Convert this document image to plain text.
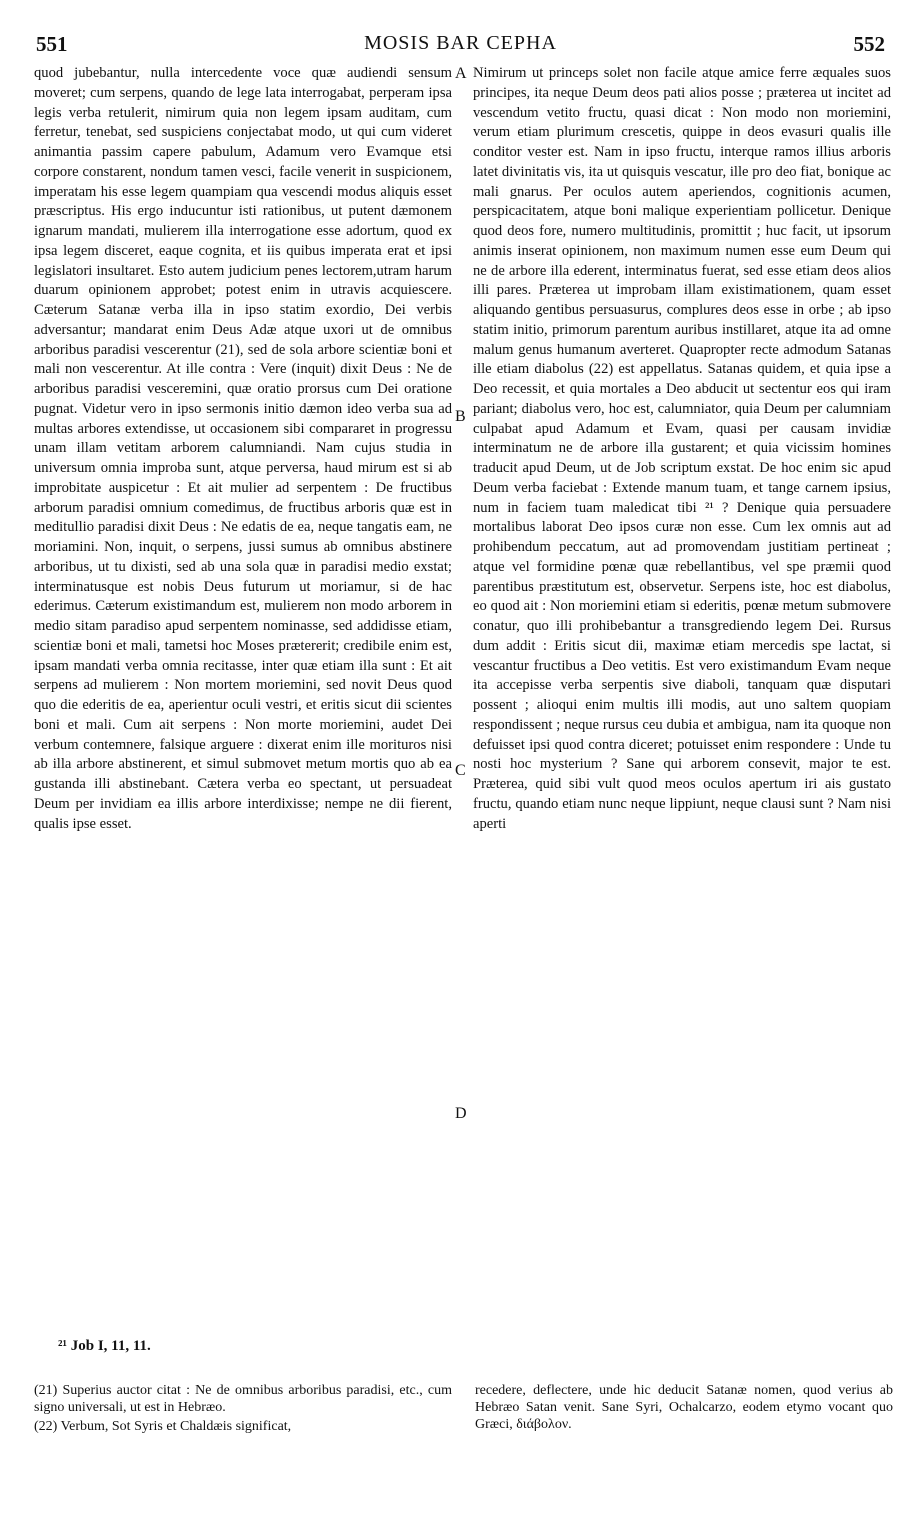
551	MOSIS BAR CEPHA	552

quod jubebantur, nulla intercedente voce quæ audiendi sensum moveret; cum serpens, quando de lege lata interrogabat, perperam ipsa legis verba retulerit, nimirum quia non legem ipsam auditam, cum ferretur, tenebat, sed suspiciens conjectabat modo, ut qui cum videret animantia passim capere pabulum, Adamum vero Evamque etsi corpore constarent, nondum tamen vesci, facile venerit in suspicionem, imperatam his esse legem quampiam qua vescendi modus aliquis esset præscriptus. His ergo inducuntur isti rationibus, ut putent dæmonem ignarum mandati, mulierem illa interrogatione esse adortum, quod ex ipsa legem disceret, eaque cognita, et iis quibus imperata erat et ipsi legislatori insultaret. Esto autem judicium penes lectorem,utram harum duarum opinionem approbet; potest enim in utravis acquiescere. Cæterum Satanæ verba illa in ipso statim exordio, Dei verbis adversantur; mandarat enim Deus Adæ atque uxori ut de omnibus arboribus paradisi vescerentur (21), sed de sola arbore scientiæ boni et mali non vescerentur. At ille contra : Vere (inquit) dixit Deus : Ne de arboribus paradisi vesceremini, quæ oratio prorsus cum Dei oratione pugnat. Videtur vero in ipso sermonis initio dæmon ideo verba sua ad multas arbores extendisse, ut occasionem sibi compararet in progressu unam illam vetitam arborem calumniandi. Nam cujus studia in universum omnia improba sunt, atque perversa, haud mirum est si ab improbitate auspicetur : Et ait mulier ad serpentem : De fructibus arborum paradisi omnium comedimus, de fructibus arboris quæ est in meditullio paradisi dixit Deus : Ne edatis de ea, neque tangatis eam, ne moriamini. Non, inquit, o serpens, jussi sumus ab omnibus abstinere arboribus, ut tu dixisti, sed ab una sola quæ in paradisi medio exstat; interminatusque est nobis Deus futurum ut moriamur, si de hac ederimus. Cæterum existimandum est, mulierem non modo arborem in medio sitam paradiso apud serpentem nominasse, sed addidisse etiam, scientiæ boni et mali, tametsi hoc Moses prætererit; credibile enim est, ipsam mandati verba omnia recitasse, inter quæ etiam illa sunt : Et ait serpens ad mulierem : Non mortem moriemini, sed novit Deus quod quo die ederitis de ea, aperientur oculi vestri, et eritis sicut dii scientes boni et mali. Cum ait serpens : Non morte moriemini, audet Dei verbum contemnere, falsique arguere : dixerat enim ille morituros nisi ab illa arbore abstinerent, et simul submovet metum mortis quo ab ea gustanda illi abstinebant. Cætera verba eo spectant, ut persuadeat Deum per invidiam ea illis arbore interdixisse; nempe ne dii fierent, qualis ipse esset.

A
B
C
D

Nimirum ut princeps solet non facile atque amice ferre æquales suos principes, ita neque Deum deos pati alios posse ; præterea ut incitet ad vescendum vetito fructu, quasi dicat : Non modo non moriemini, verum etiam plurimum crescetis, quippe in deos evasuri qualis ille conditor vester est. Nam in ipso fructu, interque ramos illius arboris latet divinitatis vis, ita ut quisquis vescatur, ille pro deo fiat, bonique ac mali gnarus. Per oculos autem aperiendos, cognitionis acumen, perspicacitatem, atque boni malique experientiam pollicetur. Denique quod deos fore, numero multitudinis, promittit ; huc facit, ut ipsorum animis inserat opinionem, non maximum numen esse eum Deum qui ne de arbore illa ederent, interminatus fuerat, sed esse etiam deos alios illi pares. Præterea ut improbam illam existimationem, quam esset aliquando gentibus persuasurus, complures deos esse in orbe ; ab ipso statim initio, primorum parentum auribus instillaret, atque ita ad omne malum genus humanum averteret. Quapropter recte admodum Satanas ille etiam diabolus (22) est appellatus. Satanas quidem, et quia ipse a Deo recessit, et quia mortales a Deo abducit ut sectentur eos qui iram pariant; diabolus vero, hoc est, calumniator, quia Deum per calumniam culpabat apud Adamum et Evam, quasi per causam invidiæ interminatum ne de arbore illa gustarent; et quia vicissim homines traducit apud Deum, ut de Job scriptum exstat. De hoc enim sic apud Deum verba faciebat : Extende manum tuam, et tange carnem ipsius, num in faciem tuam maledicat tibi ²¹ ? Denique quia persuadere mortalibus laborat Deo ipsos curæ non esse. Cum lex omnis aut ad prohibendum peccatum, aut ad promovendam justitiam pertineat ; atque vel formidine pœnæ quæ rebellantibus, vel spe præmii quod parentibus præstitutum est, observetur. Serpens iste, hoc est diabolus, eo quod ait : Non moriemini etiam si ederitis, pœnæ metum submovere conatur, quo illi prohibebantur a transgrediendo legem Dei. Rursus dum addit : Eritis sicut dii, maximæ etiam mercedis spe lactat, si vescantur fructibus a Deo vetitis. Est vero existimandum Evam neque ita accepisse verba serpentis sive diaboli, tanquam quæ disputari possent ; alioqui enim multis illi modis, aut uno saltem quopiam respondissent ; neque rursus ceu dubia et ambigua, nam ita quoque non defuisset ipsi quod contra diceret; potuisset enim respondere : Unde tu nosti hoc mysterium ? Sane qui arborem consevit, major te est. Præterea, quid sibi vult quod meos oculos apertum iri ais gustato fructu, quando etiam nunc neque lippiunt, neque clausi sunt ? Nam nisi aperti

²¹ Job I, 11, 11.

(21) Superius auctor citat : Ne de omnibus arboribus paradisi, etc., cum signo universali, ut est in Hebræo.

(22) Verbum, Sot Syris et Chaldæis significat,

recedere, deflectere, unde hic deducit Satanæ nomen, quod verius ab Hebræo Satan venit. Sane Syri, Ochalcarzo, eodem etymo vocant quo Græci, διάβολον.
